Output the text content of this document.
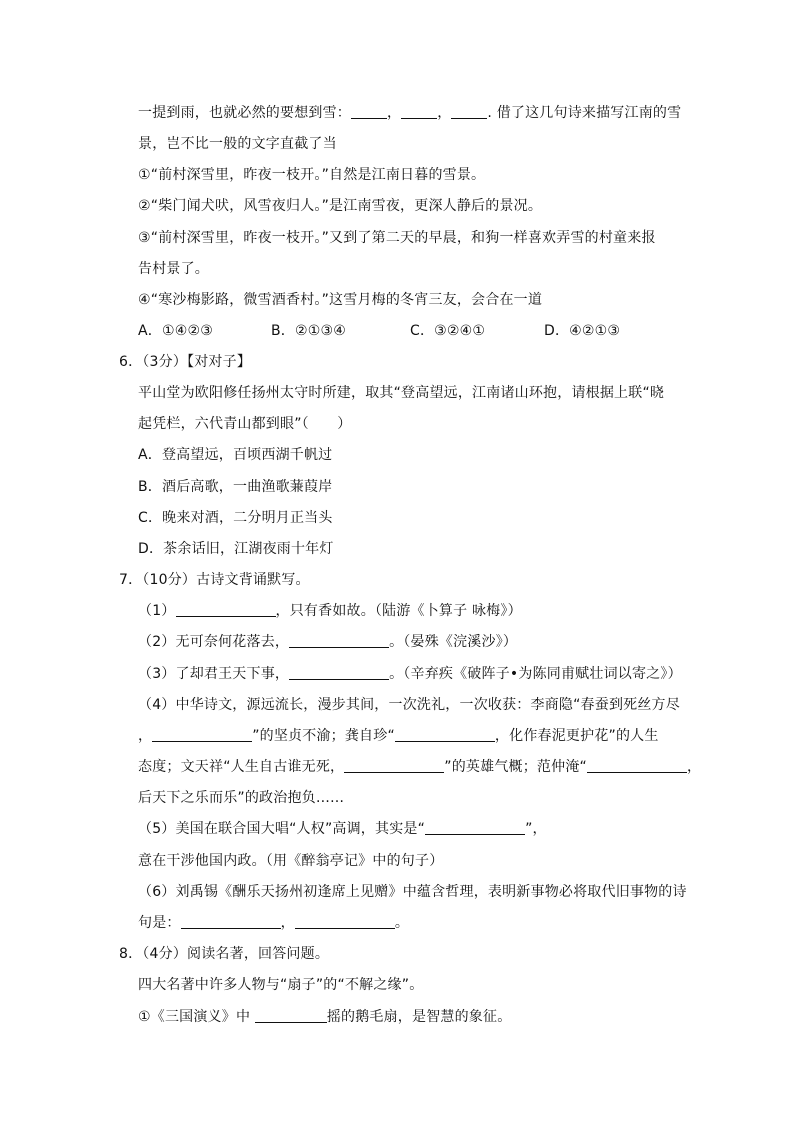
一提到雨，也就必然的要想到雪：	，	，	. 借了这几句诗来描写江南的雪
景，岂不比一般的文字直截了当
①“前村深雪里，昨夜一枝开。”自然是江南日暮的雪景。
②“柴门闻犬吠，风雪夜归人。”是江南雪夜，更深人静后的景况。
③“前村深雪里，昨夜一枝开。”又到了第二天的早晨，和狗一样喜欢弄雪的村童来报
告村景了。
④“寒沙梅影路，微雪酒香村。”这雪月梅的冬宵三友，会合在一道
A．①④②③	B．②①③④	C．③②④①	D．④②①③
6．（3分）【对对子】
平山堂为欧阳修任扬州太守时所建，取其“登高望远，江南诸山环抱，请根据上联“晓
起凭栏，六代青山都到眼”（　　）
A．登高望远，百顷西湖千帆过
B．酒后高歌，一曲渔歌蒹葭岸
C．晚来对酒，二分明月正当头
D．茶余话旧，江湖夜雨十年灯
7．（10分）古诗文背诵默写。
（1）	，只有香如故。（陆游《卜算子 咏梅》）
（2）无可奈何花落去，	。（晏殊《浣溪沙》）
（3）了却君王天下事，	。（辛弃疾《破阵子•为陈同甫赋壮词以寄之》）
（4）中华诗文，源远流长，漫步其间，一次洗礼，一次收获：李商隐“春蚕到死丝方尽
，	”的坚贞不渝；龚自珍“	，化作春泥更护花”的人生
态度；文天祥“人生自古谁无死，	”的英雄气概；范仲淹“	，
后天下之乐而乐”的政治抱负……
（5）美国在联合国大唱“人权”高调，其实是“	”，
意在干涉他国内政。（用《醉翁亭记》中的句子）
（6）刘禹锡《酬乐天扬州初逢席上见赠》中蕴含哲理，表明新事物必将取代旧事物的诗
句是：	，	。
8．（4分）阅读名著，回答问题。
四大名著中许多人物与“扇子”的“不解之缘”。
①《三国演义》中	摇的鹅毛扇，是智慧的象征。
